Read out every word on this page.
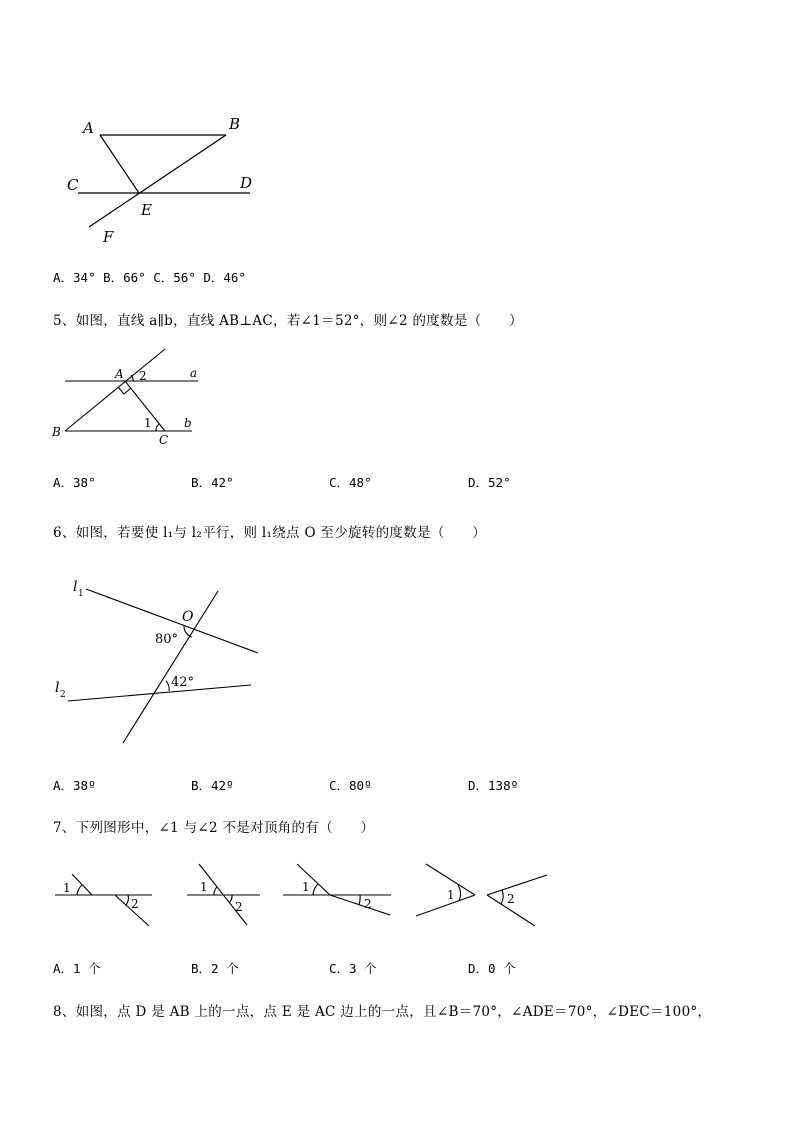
A	B
C	D
E
F
A．34° B．66° C．56° D．46°
5、如图，直线 a∥b，直线 AB⊥AC，若∠1＝52°，则∠2 的度数是（　　）
A 2	a
B
1	b
C
A．38°	B．42°	C．48°	D．52°
6、如图，若要使 l₁与 l₂平行，则 l₁绕点 O 至少旋转的度数是（　　）
l 1
O
80°
42°
l 2
A．38º	B．42º	C．80º	D．138º
7、下列图形中，∠1 与∠2 不是对顶角的有（　　）
1
2
1
2
1
2
1	2
A．1 个	B．2 个	C．3 个	D．0 个
8、如图，点 D 是 AB 上的一点，点 E 是 AC 边上的一点，且∠B＝70°，∠ADE＝70°，∠DEC＝100°，
